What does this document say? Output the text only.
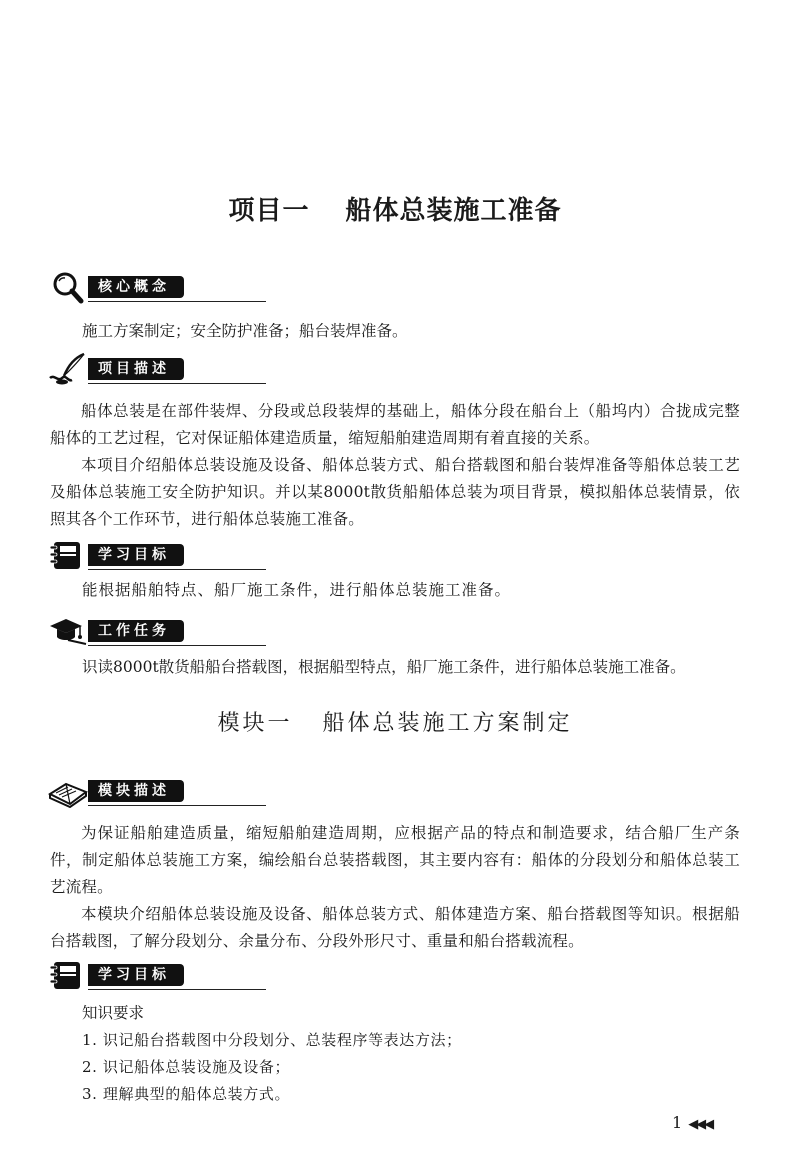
项目一 船体总装施工准备
核心概念
施工方案制定；安全防护准备；船台装焊准备。
项目描述
船体总装是在部件装焊、分段或总段装焊的基础上，船体分段在船台上（船坞内）合拢成完整船体的工艺过程，它对保证船体建造质量，缩短船舶建造周期有着直接的关系。
本项目介绍船体总装设施及设备、船体总装方式、船台搭载图和船台装焊准备等船体总装工艺及船体总装施工安全防护知识。并以某8000t散货船船体总装为项目背景，模拟船体总装情景，依照其各个工作环节，进行船体总装施工准备。
学习目标
能根据船舶特点、船厂施工条件，进行船体总装施工准备。
工作任务
识读8000t散货船船台搭载图，根据船型特点，船厂施工条件，进行船体总装施工准备。
模块一 船体总装施工方案制定
模块描述
为保证船舶建造质量，缩短船舶建造周期，应根据产品的特点和制造要求，结合船厂生产条件，制定船体总装施工方案，编绘船台总装搭载图，其主要内容有：船体的分段划分和船体总装工艺流程。
本模块介绍船体总装设施及设备、船体总装方式、船体建造方案、船台搭载图等知识。根据船台搭载图，了解分段划分、余量分布、分段外形尺寸、重量和船台搭载流程。
学习目标
知识要求
1. 识记船台搭载图中分段划分、总装程序等表达方法；
2. 识记船体总装设施及设备；
3. 理解典型的船体总装方式。
1 ◀◀◀
